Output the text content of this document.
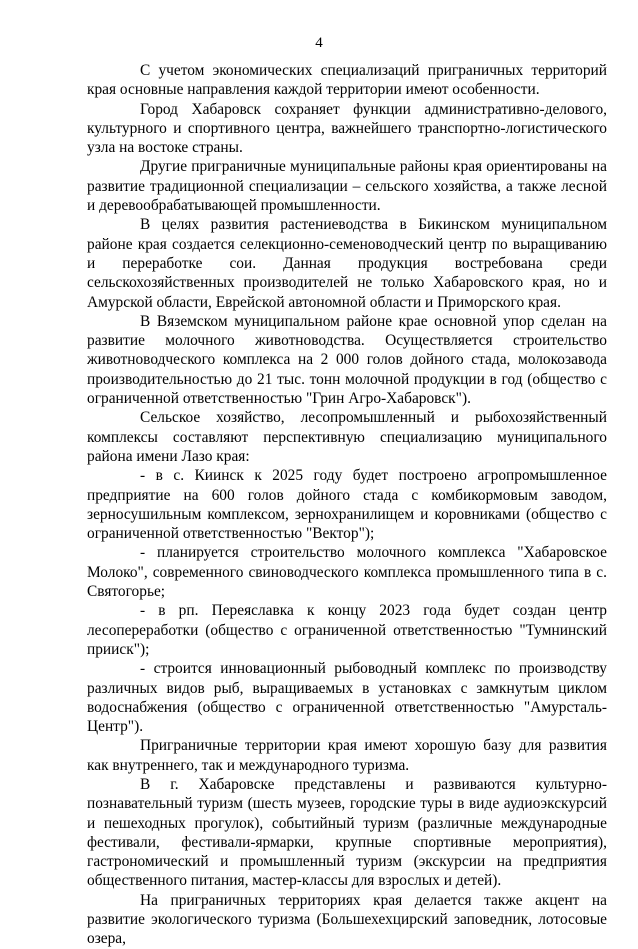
4

С учетом экономических специализаций приграничных территорий края основные направления каждой территории имеют особенности.

Город Хабаровск сохраняет функции административно-делового, культурного и спортивного центра, важнейшего транспортно-логистического узла на востоке страны.

Другие приграничные муниципальные районы края ориентированы на развитие традиционной специализации – сельского хозяйства, а также лесной и деревообрабатывающей промышленности.

В целях развития растениеводства в Бикинском муниципальном районе края создается селекционно-семеноводческий центр по выращиванию и переработке сои. Данная продукция востребована среди сельскохозяйственных производителей не только Хабаровского края, но и Амурской области, Еврейской автономной области и Приморского края.

В Вяземском муниципальном районе крае основной упор сделан на развитие молочного животноводства. Осуществляется строительство животноводческого комплекса на 2 000 голов дойного стада, молокозавода производительностью до 21 тыс. тонн молочной продукции в год (общество с ограниченной ответственностью "Грин Агро-Хабаровск").

Сельское хозяйство, лесопромышленный и рыбохозяйственный комплексы составляют перспективную специализацию муниципального района имени Лазо края:

- в с. Киинск к 2025 году будет построено агропромышленное предприятие на 600 голов дойного стада с комбикормовым заводом, зерносушильным комплексом, зернохранилищем и коровниками (общество с ограниченной ответственностью "Вектор");

- планируется строительство молочного комплекса "Хабаровское Молоко", современного свиноводческого комплекса промышленного типа в с. Святогорье;

- в рп. Переяславка к концу 2023 года будет создан центр лесопереработки (общество с ограниченной ответственностью "Тумнинский прииск");

- строится инновационный рыбоводный комплекс по производству различных видов рыб, выращиваемых в установках с замкнутым циклом водоснабжения (общество с ограниченной ответственностью "Амурсталь-Центр").

Приграничные территории края имеют хорошую базу для развития как внутреннего, так и международного туризма.

В г. Хабаровске представлены и развиваются культурно-познавательный туризм (шесть музеев, городские туры в виде аудиоэкскурсий и пешеходных прогулок), событийный туризм (различные международные фестивали, фестивали-ярмарки, крупные спортивные мероприятия), гастрономический и промышленный туризм (экскурсии на предприятия общественного питания, мастер-классы для взрослых и детей).

На приграничных территориях края делается также акцент на развитие экологического туризма (Большехехцирский заповедник, лотосовые озера,
